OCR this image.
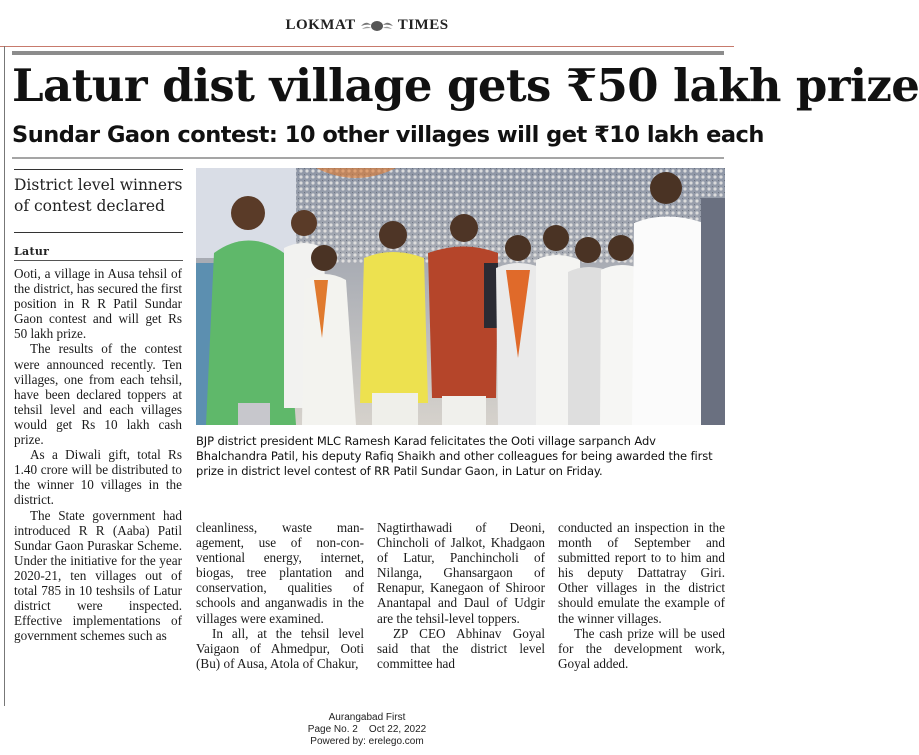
LOKMAT	TIMES
Latur dist village gets ₹50 lakh prize
Sundar Gaon contest: 10 other villages will get ₹10 lakh each
District level winners of contest declared
Latur

Ooti, a village in Ausa tehsil of the district, has secured the first position in R R Patil Sundar Gaon contest and will get Rs 50 lakh prize.

The results of the contest were announced recently. Ten villages, one from each tehsil, have been declared toppers at tehsil level and each villages would get Rs 10 lakh cash prize.

As a Diwali gift, total Rs 1.40 crore will be distributed to the winner 10 villages in the district.

The State government had introduced R R (Aaba) Patil Sundar Gaon Puraskar Scheme. Under the initiative for the year 2020-21, ten villages out of total 785 in 10 teshsils of Latur district were inspected. Effective implementations of government schemes such as

BJP district president MLC Ramesh Karad felicitates the Ooti village sarpanch Adv Bhalchandra Patil, his deputy Rafiq Shaikh and other colleagues for being awarded the first prize in district level contest of RR Patil Sundar Gaon, in Latur on Friday.

cleanliness, waste management, use of non-conventional energy, internet, biogas, tree plantation and conservation, qualities of schools and anganwadis in the villages were examined.

In all, at the tehsil level Vaigaon of Ahmedpur, Ooti (Bu) of Ausa, Atola of Chakur,

Nagtirthawadi of Deoni, Chincholi of Jalkot, Khadgaon of Latur, Panchincholi of Nilanga, Ghansargaon of Renapur, Kanegaon of Shiroor Anantapal and Daul of Udgir are the tehsil-level toppers.

ZP CEO Abhinav Goyal said that the district level committee had

conducted an inspection in the month of September and submitted report to to him and his deputy Dattatray Giri. Other villages in the district should emulate the example of the winner villages.

The cash prize will be used for the development work, Goyal added.

Aurangabad First
Page No. 2    Oct 22, 2022
Powered by: erelego.com
